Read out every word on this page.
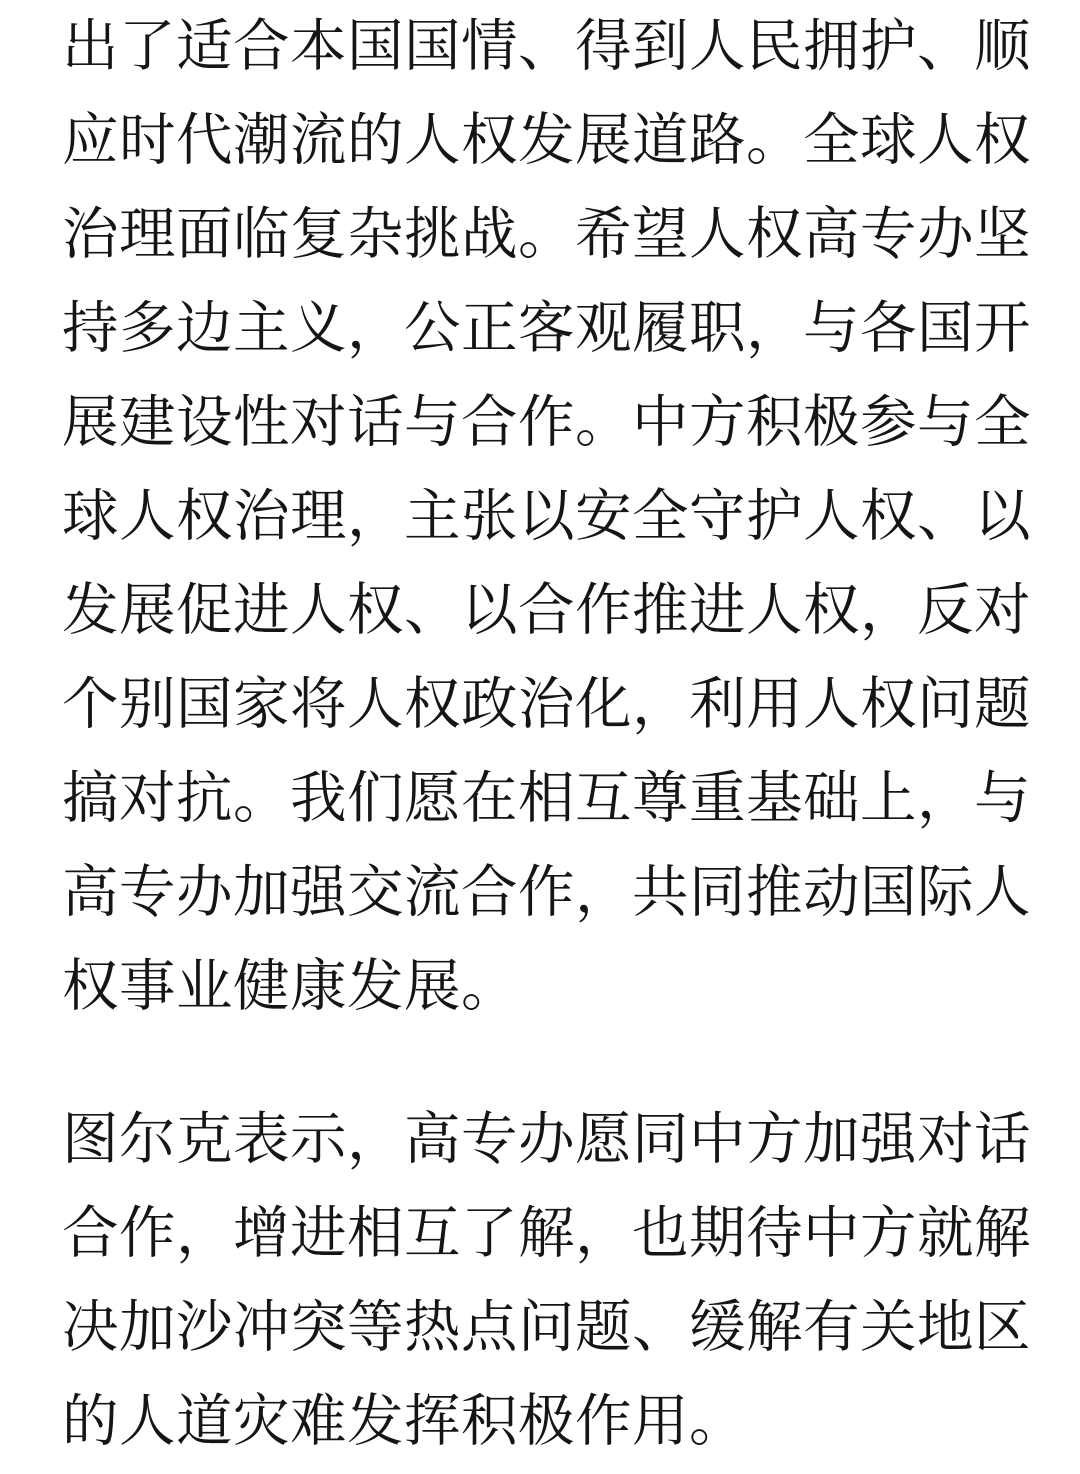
出了适合本国国情、得到人民拥护、顺
应时代潮流的人权发展道路。全球人权
治理面临复杂挑战。希望人权高专办坚
持多边主义，公正客观履职，与各国开
展建设性对话与合作。中方积极参与全
球人权治理，主张以安全守护人权、以
发展促进人权、以合作推进人权，反对
个别国家将人权政治化，利用人权问题
搞对抗。我们愿在相互尊重基础上，与
高专办加强交流合作，共同推动国际人
权事业健康发展。

图尔克表示，高专办愿同中方加强对话
合作，增进相互了解，也期待中方就解
决加沙冲突等热点问题、缓解有关地区
的人道灾难发挥积极作用。
